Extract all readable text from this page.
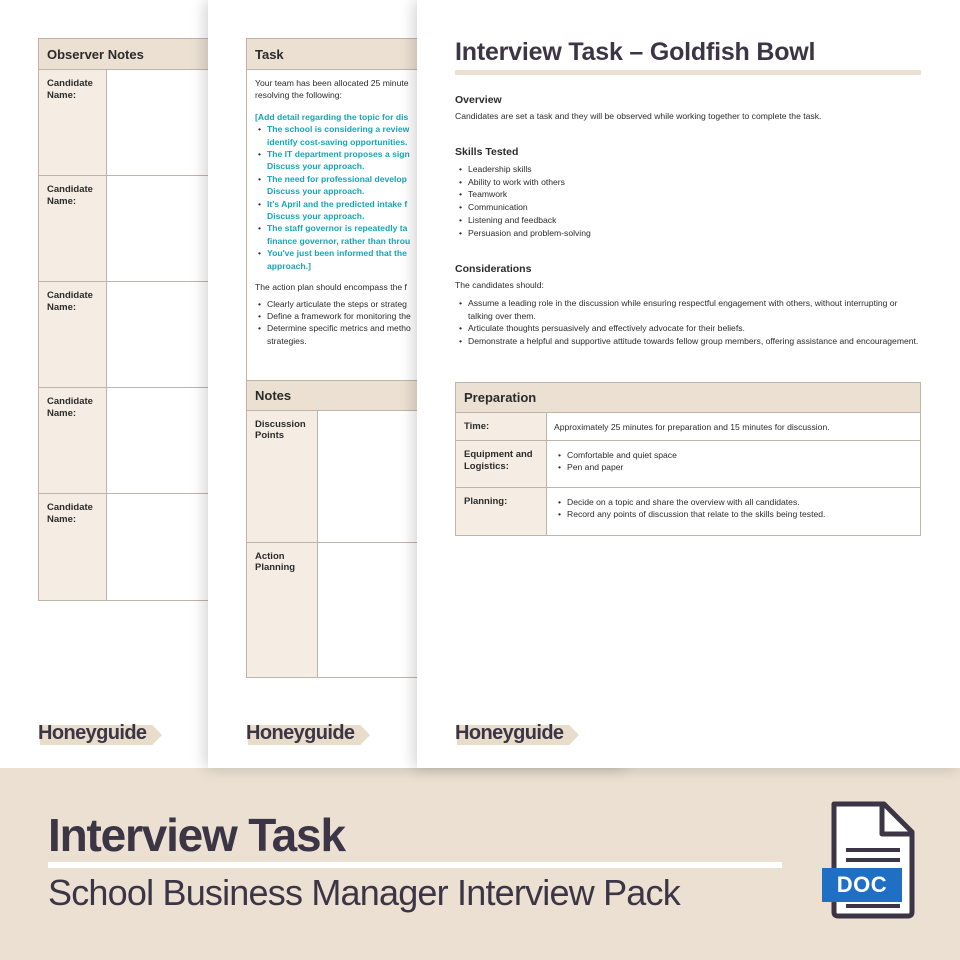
Observer Notes
Candidate Name:
Candidate Name:
Candidate Name:
Candidate Name:
Candidate Name:
Honeyguide
Task

Your team has been allocated 25 minute
resolving the following:

[Add detail regarding the topic for dis

• The school is considering a review
identify cost-saving opportunities.
• The IT department proposes a sign
Discuss your approach.
• The need for professional develop
Discuss your approach.
• It's April and the predicted intake f
Discuss your approach.
• The staff governor is repeatedly ta
finance governor, rather than throu
• You've just been informed that the
approach.]

The action plan should encompass the f

• Clearly articulate the steps or strateg
• Define a framework for monitoring the
• Determine specific metrics and metho
strategies.
Notes
Discussion Points
Action Planning
Honeyguide
Interview Task – Goldfish Bowl
Overview
Candidates are set a task and they will be observed while working together to complete the task.
Skills Tested
• Leadership skills
• Ability to work with others
• Teamwork
• Communication
• Listening and feedback
• Persuasion and problem-solving
Considerations
The candidates should:
• Assume a leading role in the discussion while ensuring respectful engagement with others, without interrupting or talking over them.
• Articulate thoughts persuasively and effectively advocate for their beliefs.
• Demonstrate a helpful and supportive attitude towards fellow group members, offering assistance and encouragement.
Preparation
Time:	Approximately 25 minutes for preparation and 15 minutes for discussion.
Equipment and Logistics:
• Comfortable and quiet space
• Pen and paper
Planning:
•	Decide on a topic and share the overview with all candidates.
• Record any points of discussion that relate to the skills being tested.
Honeyguide
Interview Task
School Business Manager Interview Pack	DOC
